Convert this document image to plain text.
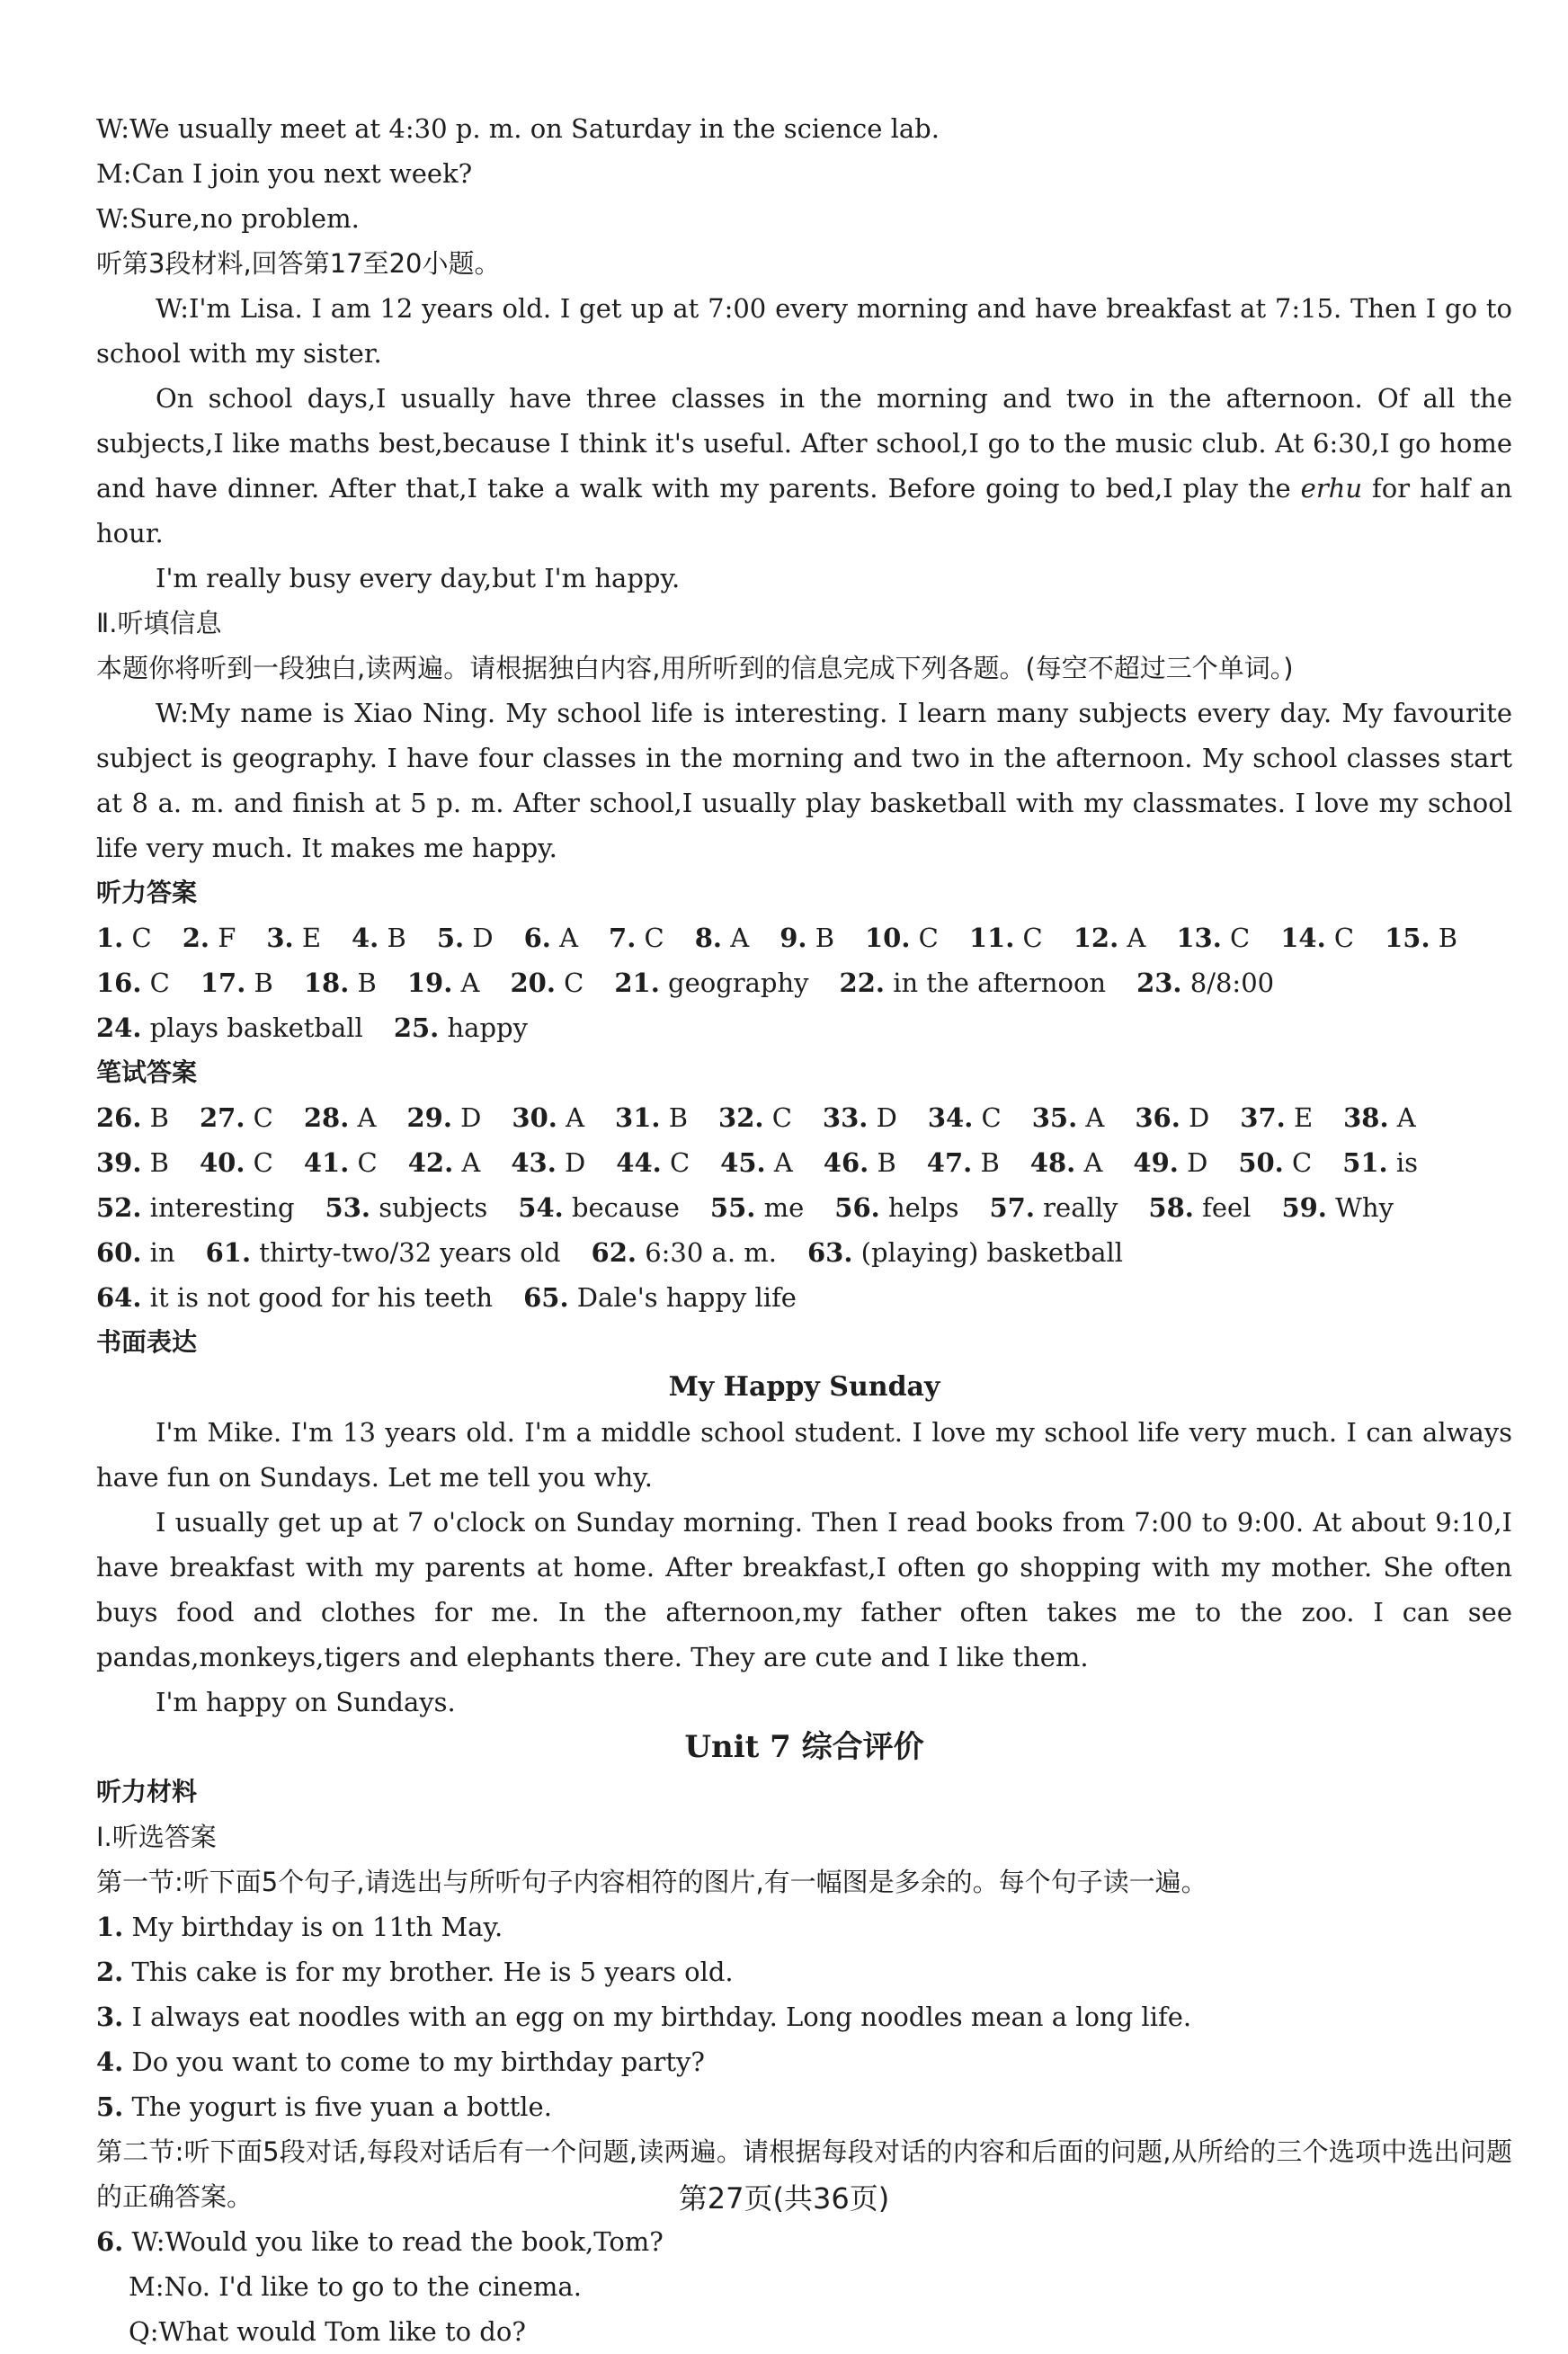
W:We usually meet at 4:30 p. m. on Saturday in the science lab.

M:Can I join you next week?

W:Sure,no problem.

听第3段材料,回答第17至20小题。

W:I'm Lisa. I am 12 years old. I get up at 7:00 every morning and have breakfast at 7:15. Then I go to school with my sister.

On school days,I usually have three classes in the morning and two in the afternoon. Of all the subjects,I like maths best,because I think it's useful. After school,I go to the music club. At 6:30,I go home and have dinner. After that,I take a walk with my parents. Before going to bed,I play the erhu for half an hour.

I'm really busy every day,but I'm happy.

Ⅱ.听填信息

本题你将听到一段独白,读两遍。请根据独白内容,用所听到的信息完成下列各题。(每空不超过三个单词。)

W:My name is Xiao Ning. My school life is interesting. I learn many subjects every day. My favourite subject is geography. I have four classes in the morning and two in the afternoon. My school classes start at 8 a. m. and finish at 5 p. m. After school,I usually play basketball with my classmates. I love my school life very much. It makes me happy.

听力答案

1. C 2. F 3. E 4. B 5. D 6. A 7. C 8. A 9. B 10. C 11. C 12. A 13. C 14. C 15. B
16. C 17. B 18. B 19. A 20. C 21. geography 22. in the afternoon 23. 8/8:00
24. plays basketball 25. happy

笔试答案

26. B 27. C 28. A 29. D 30. A 31. B 32. C 33. D 34. C 35. A 36. D 37. E 38. A
39. B 40. C 41. C 42. A 43. D 44. C 45. A 46. B 47. B 48. A 49. D 50. C 51. is
52. interesting 53. subjects 54. because 55. me 56. helps 57. really 58. feel 59. Why
60. in 61. thirty-two/32 years old 62. 6:30 a. m. 63. (playing) basketball
64. it is not good for his teeth 65. Dale's happy life

书面表达

My Happy Sunday

I'm Mike. I'm 13 years old. I'm a middle school student. I love my school life very much. I can always have fun on Sundays. Let me tell you why.

I usually get up at 7 o'clock on Sunday morning. Then I read books from 7:00 to 9:00. At about 9:10,I have breakfast with my parents at home. After breakfast,I often go shopping with my mother. She often buys food and clothes for me. In the afternoon,my father often takes me to the zoo. I can see pandas,monkeys,tigers and elephants there. They are cute and I like them.

I'm happy on Sundays.

Unit 7 综合评价

听力材料

Ⅰ.听选答案

第一节:听下面5个句子,请选出与所听句子内容相符的图片,有一幅图是多余的。每个句子读一遍。

1. My birthday is on 11th May.

2. This cake is for my brother. He is 5 years old.

3. I always eat noodles with an egg on my birthday. Long noodles mean a long life.

4. Do you want to come to my birthday party?

5. The yogurt is five yuan a bottle.

第二节:听下面5段对话,每段对话后有一个问题,读两遍。请根据每段对话的内容和后面的问题,从所给的三个选项中选出问题的正确答案。

6. W:Would you like to read the book,Tom?

M:No. I'd like to go to the cinema.

Q:What would Tom like to do?

第27页(共36页)
